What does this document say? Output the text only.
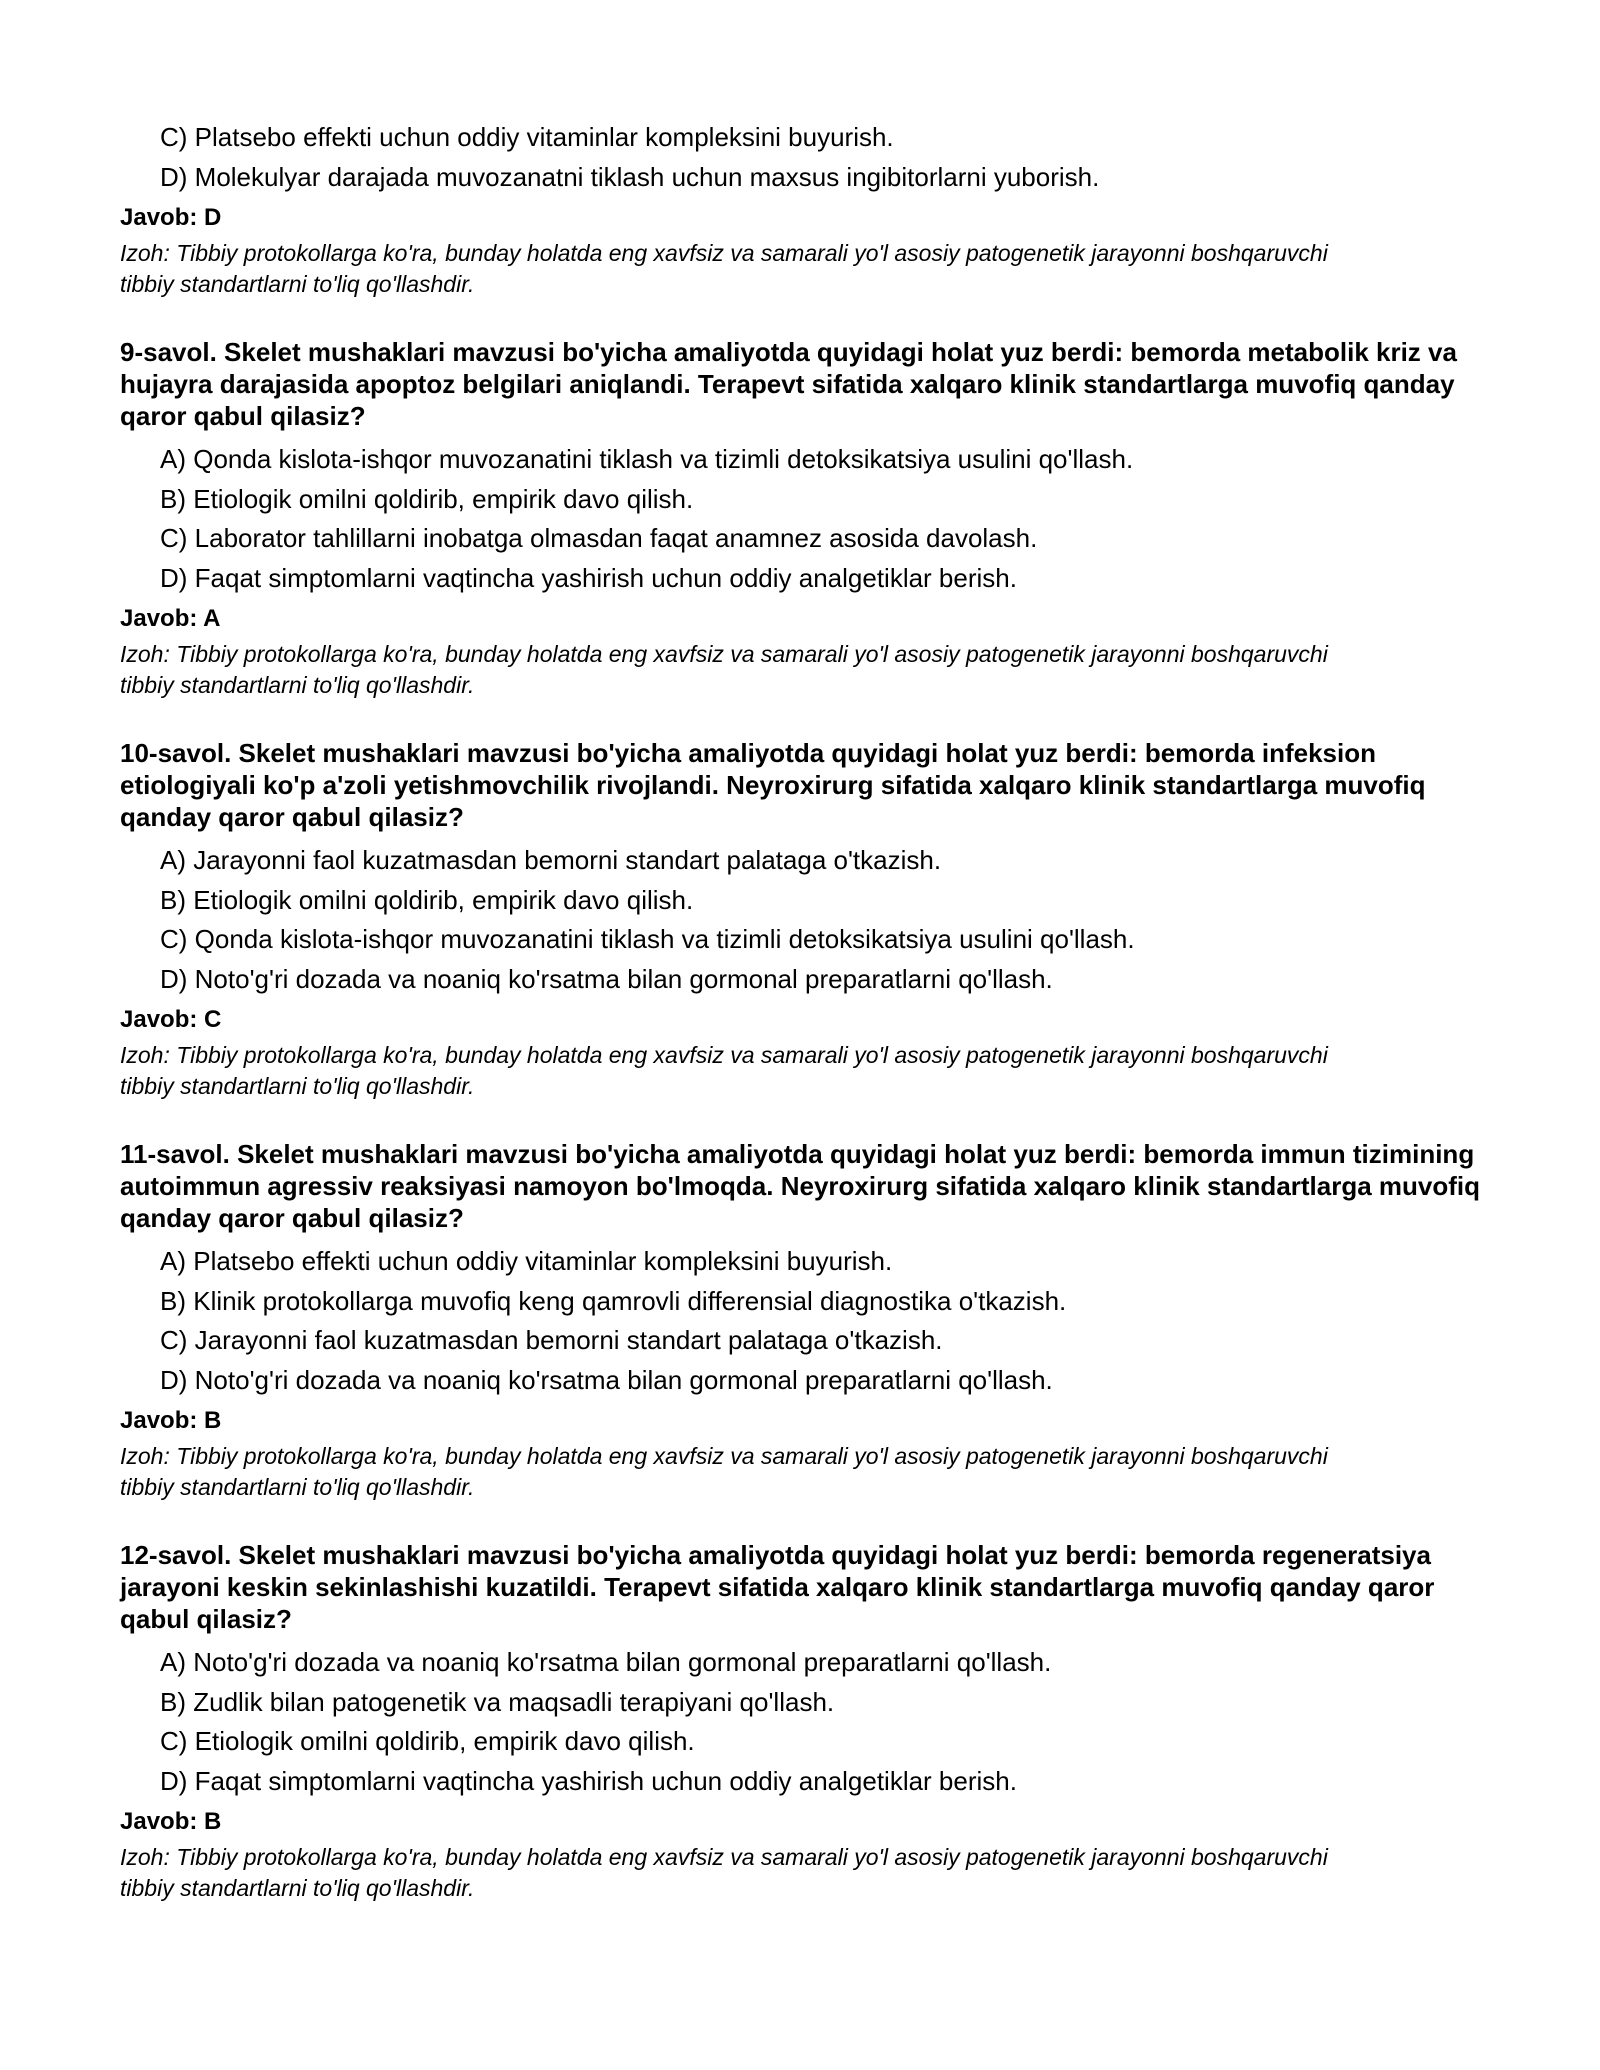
C) Platsebo effekti uchun oddiy vitaminlar kompleksini buyurish.
D) Molekulyar darajada muvozanatni tiklash uchun maxsus ingibitorlarni yuborish.
Javob: D
Izoh: Tibbiy protokollarga ko'ra, bunday holatda eng xavfsiz va samarali yo'l asosiy patogenetik jarayonni boshqaruvchi tibbiy standartlarni to'liq qo'llashdir.
9-savol. Skelet mushaklari mavzusi bo'yicha amaliyotda quyidagi holat yuz berdi: bemorda metabolik kriz va hujayra darajasida apoptoz belgilari aniqlandi. Terapevt sifatida xalqaro klinik standartlarga muvofiq qanday qaror qabul qilasiz?
A) Qonda kislota-ishqor muvozanatini tiklash va tizimli detoksikatsiya usulini qo'llash.
B) Etiologik omilni qoldirib, empirik davo qilish.
C) Laborator tahlillarni inobatga olmasdan faqat anamnez asosida davolash.
D) Faqat simptomlarni vaqtincha yashirish uchun oddiy analgetiklar berish.
Javob: A
Izoh: Tibbiy protokollarga ko'ra, bunday holatda eng xavfsiz va samarali yo'l asosiy patogenetik jarayonni boshqaruvchi tibbiy standartlarni to'liq qo'llashdir.
10-savol. Skelet mushaklari mavzusi bo'yicha amaliyotda quyidagi holat yuz berdi: bemorda infeksion etiologiyali ko'p a'zoli yetishmovchilik rivojlandi. Neyroxirurg sifatida xalqaro klinik standartlarga muvofiq qanday qaror qabul qilasiz?
A) Jarayonni faol kuzatmasdan bemorni standart palataga o'tkazish.
B) Etiologik omilni qoldirib, empirik davo qilish.
C) Qonda kislota-ishqor muvozanatini tiklash va tizimli detoksikatsiya usulini qo'llash.
D) Noto'g'ri dozada va noaniq ko'rsatma bilan gormonal preparatlarni qo'llash.
Javob: C
Izoh: Tibbiy protokollarga ko'ra, bunday holatda eng xavfsiz va samarali yo'l asosiy patogenetik jarayonni boshqaruvchi tibbiy standartlarni to'liq qo'llashdir.
11-savol. Skelet mushaklari mavzusi bo'yicha amaliyotda quyidagi holat yuz berdi: bemorda immun tizimining autoimmun agressiv reaksiyasi namoyon bo'lmoqda. Neyroxirurg sifatida xalqaro klinik standartlarga muvofiq qanday qaror qabul qilasiz?
A) Platsebo effekti uchun oddiy vitaminlar kompleksini buyurish.
B) Klinik protokollarga muvofiq keng qamrovli differensial diagnostika o'tkazish.
C) Jarayonni faol kuzatmasdan bemorni standart palataga o'tkazish.
D) Noto'g'ri dozada va noaniq ko'rsatma bilan gormonal preparatlarni qo'llash.
Javob: B
Izoh: Tibbiy protokollarga ko'ra, bunday holatda eng xavfsiz va samarali yo'l asosiy patogenetik jarayonni boshqaruvchi tibbiy standartlarni to'liq qo'llashdir.
12-savol. Skelet mushaklari mavzusi bo'yicha amaliyotda quyidagi holat yuz berdi: bemorda regeneratsiya jarayoni keskin sekinlashishi kuzatildi. Terapevt sifatida xalqaro klinik standartlarga muvofiq qanday qaror qabul qilasiz?
A) Noto'g'ri dozada va noaniq ko'rsatma bilan gormonal preparatlarni qo'llash.
B) Zudlik bilan patogenetik va maqsadli terapiyani qo'llash.
C) Etiologik omilni qoldirib, empirik davo qilish.
D) Faqat simptomlarni vaqtincha yashirish uchun oddiy analgetiklar berish.
Javob: B
Izoh: Tibbiy protokollarga ko'ra, bunday holatda eng xavfsiz va samarali yo'l asosiy patogenetik jarayonni boshqaruvchi tibbiy standartlarni to'liq qo'llashdir.
